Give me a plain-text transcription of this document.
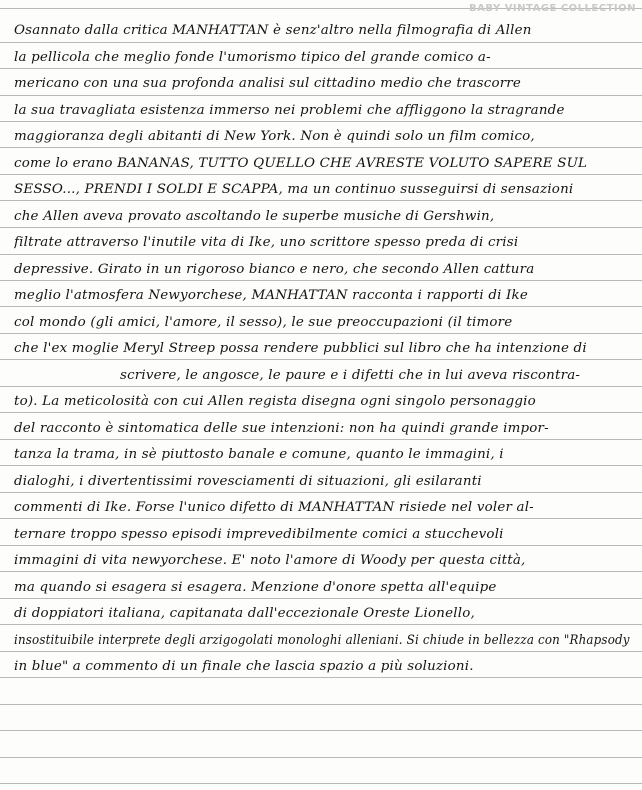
BABY VINTAGE COLLECTION
Osannato dalla critica MANHATTAN è senz'altro nella filmografia di Allen
la pellicola che meglio fonde l'umorismo tipico del grande comico a-
mericano con una sua profonda analisi sul cittadino medio che trascorre
la sua travagliata esistenza immerso nei problemi che affliggono la stragrande
maggioranza degli abitanti di New York. Non è quindi solo un film comico,
come lo erano BANANAS, TUTTO QUELLO CHE AVRESTE VOLUTO SAPERE SUL
SESSO..., PRENDI I SOLDI E SCAPPA, ma un continuo susseguirsi di sensazioni
che Allen aveva provato ascoltando le superbe musiche di Gershwin,
filtrate attraverso l'inutile vita di Ike, uno scrittore spesso preda di crisi
depressive. Girato in un rigoroso bianco e nero, che secondo Allen cattura
meglio l'atmosfera Newyorchese, MANHATTAN racconta i rapporti di Ike
col mondo (gli amici, l'amore, il sesso), le sue preoccupazioni (il timore
che l'ex moglie Meryl Streep possa rendere pubblici sul libro che ha intenzione di
scrivere, le angosce, le paure e i difetti che in lui aveva riscontra-
to). La meticolosità con cui Allen regista disegna ogni singolo personaggio
del racconto è sintomatica delle sue intenzioni: non ha quindi grande impor-
tanza la trama, in sè piuttosto banale e comune, quanto le immagini, i
dialoghi, i divertentissimi rovesciamenti di situazioni, gli esilaranti
commenti di Ike. Forse l'unico difetto di MANHATTAN risiede nel voler al-
ternare troppo spesso episodi imprevedibilmente comici a stucchevoli
immagini di vita newyorchese. E' noto l'amore di Woody per questa città,
ma quando si esagera si esagera. Menzione d'onore spetta all'equipe
di doppiatori italiana, capitanata dall'eccezionale Oreste Lionello,
insostituibile interprete degli arzigogolati monologhi alleniani. Si chiude in bellezza con "Rhapsody
in blue" a commento di un finale che lascia spazio a più soluzioni.
